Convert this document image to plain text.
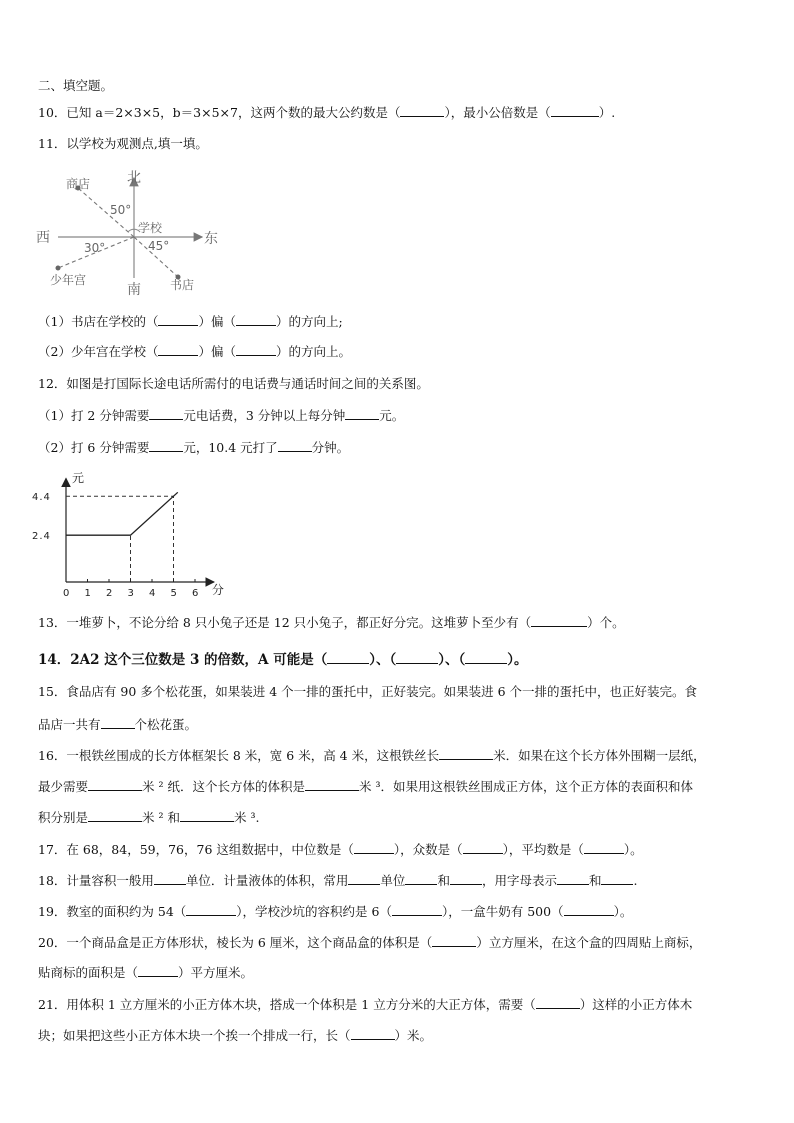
二、填空题。
10．已知 a＝2×3×5，b＝3×5×7，这两个数的最大公约数是（	），最小公倍数是（	）.
11．以学校为观测点,填一填。
北
南
西	东
学校
商店
少年宫	书店
50°
30°	45°
（1）书店在学校的（	）偏（	）的方向上;
（2）少年宫在学校（	）偏（	）的方向上。
12．如图是打国际长途电话所需付的电话费与通话时间之间的关系图。
（1）打 2 分钟需要	元电话费，3 分钟以上每分钟	元。
（2）打 6 分钟需要	元，10.4 元打了	分钟。
元
分
0 1 2 3 4 5 6
2.4
4.4
13．一堆萝卜，不论分给 8 只小兔子还是 12 只小兔子，都正好分完。这堆萝卜至少有（	）个。
14．2A2 这个三位数是 3 的倍数，A 可能是（	）、（	）、（	）。
15．食品店有 90 多个松花蛋，如果装进 4 个一排的蛋托中，正好装完。如果装进 6 个一排的蛋托中，也正好装完。食
品店一共有	个松花蛋。
16．一根铁丝围成的长方体框架长 8 米，宽 6 米，高 4 米，这根铁丝长	米．如果在这个长方体外围糊一层纸，
最少需要	米 ² 纸．这个长方体的体积是	米 ³．如果用这根铁丝围成正方体，这个正方体的表面积和体
积分别是	米 ² 和	米 ³.
17．在 68，84，59，76，76 这组数据中，中位数是（	），众数是（	），平均数是（	）。
18．计量容积一般用	单位．计量液体的体积，常用	单位	和	，用字母表示	和	.
19．教室的面积约为 54（	），学校沙坑的容积约是 6（	），一盒牛奶有 500（	）。
20．一个商品盒是正方体形状，棱长为 6 厘米，这个商品盒的体积是（	）立方厘米，在这个盒的四周贴上商标，
贴商标的面积是（	）平方厘米。
21．用体积 1 立方厘米的小正方体木块，搭成一个体积是 1 立方分米的大正方体，需要（	）这样的小正方体木
块；如果把这些小正方体木块一个挨一个排成一行，长（	）米。
